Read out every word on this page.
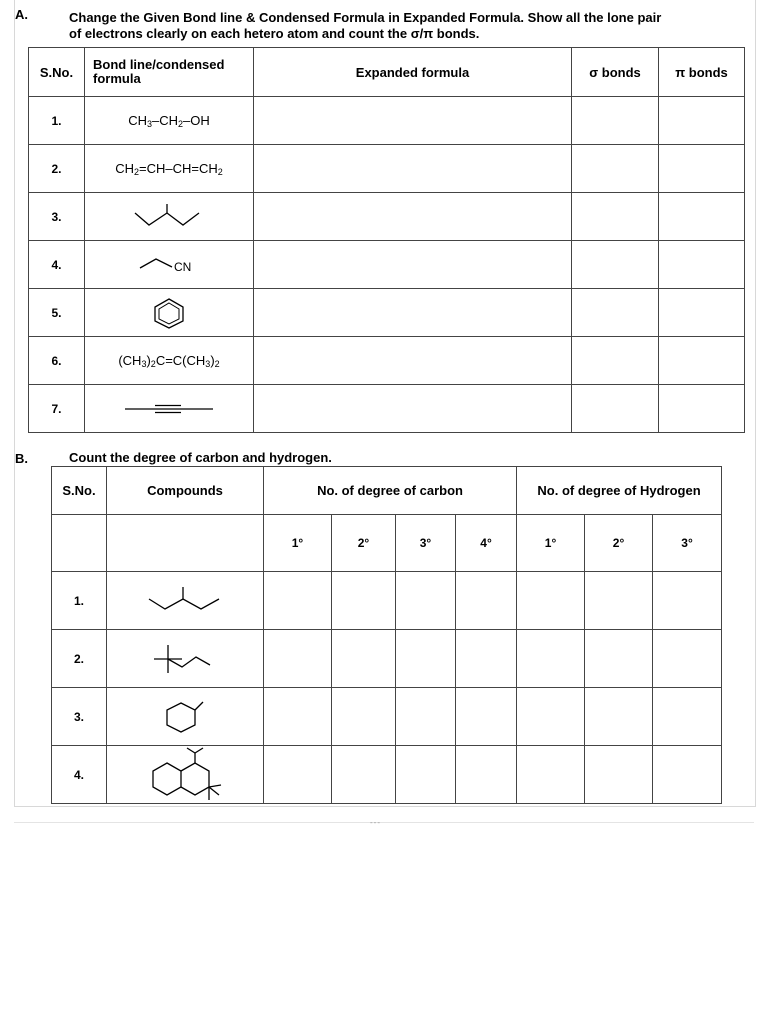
---
A.	Change the Given Bond line & Condensed Formula in Expanded Formula. Show all the lone pair
of electrons clearly on each hetero atom and count the σ/π bonds.
S.No.	Bond line/condensed
formula	Expanded formula	σ bonds	π bonds
1.	$CH_3-CH_2-OH$			
2.	$CH_2=CH-CH=CH_2$			
3.	

4.	CN			

5.	

6.	$(CH_3)_2C=C(CH_3)_2$			
7.	

B.	Count the degree of carbon and hydrogen.
S.No.	Compounds	No. of degree of carbon				No. of degree of Hydrogen		
		1°	2°	3°	4°	1°	2°	3°
1.	

2.	

3.	

4.	
